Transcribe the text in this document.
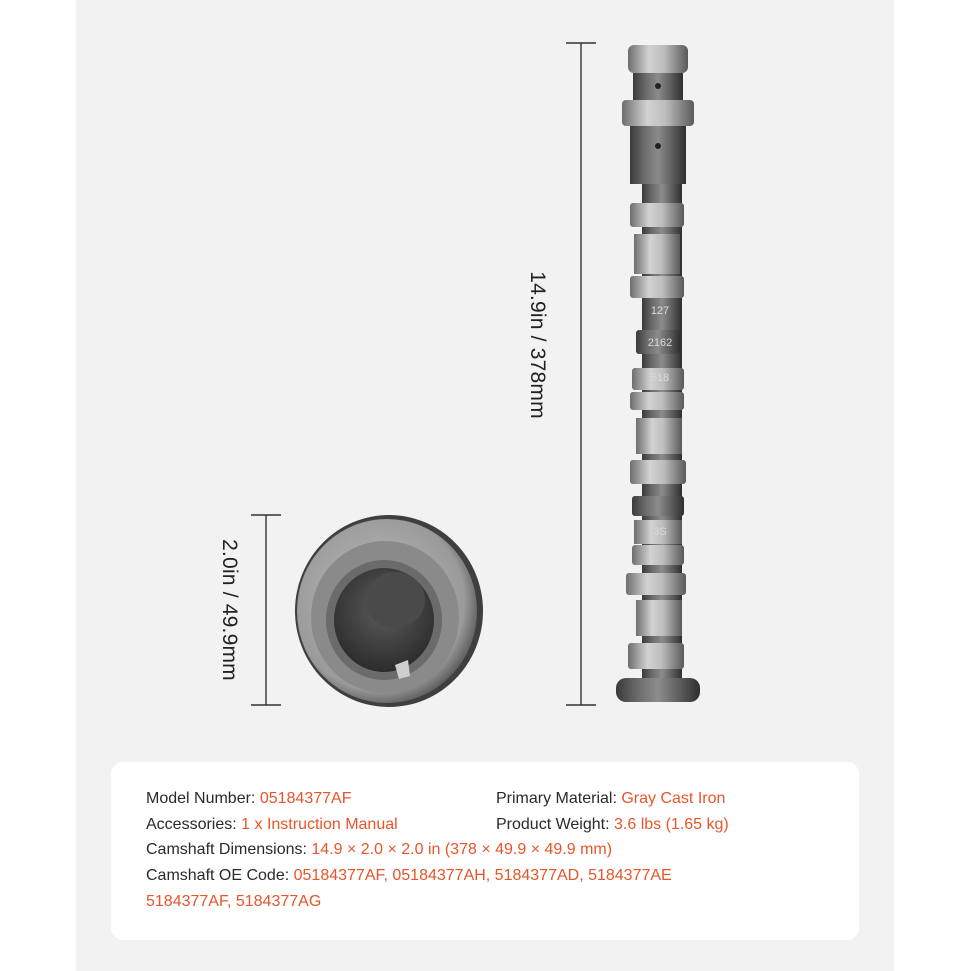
127
2162
518
3S
14.9in / 378mm
2.0in / 49.9mm
Model Number: 05184377AF
Accessories: 1 x Instruction Manual
Camshaft Dimensions: 14.9 × 2.0 × 2.0 in (378 × 49.9 × 49.9 mm)
Camshaft OE Code: 05184377AF, 05184377AH, 5184377AD, 5184377AE
5184377AF, 5184377AG
Primary Material: Gray Cast Iron
Product Weight: 3.6 lbs (1.65 kg)
